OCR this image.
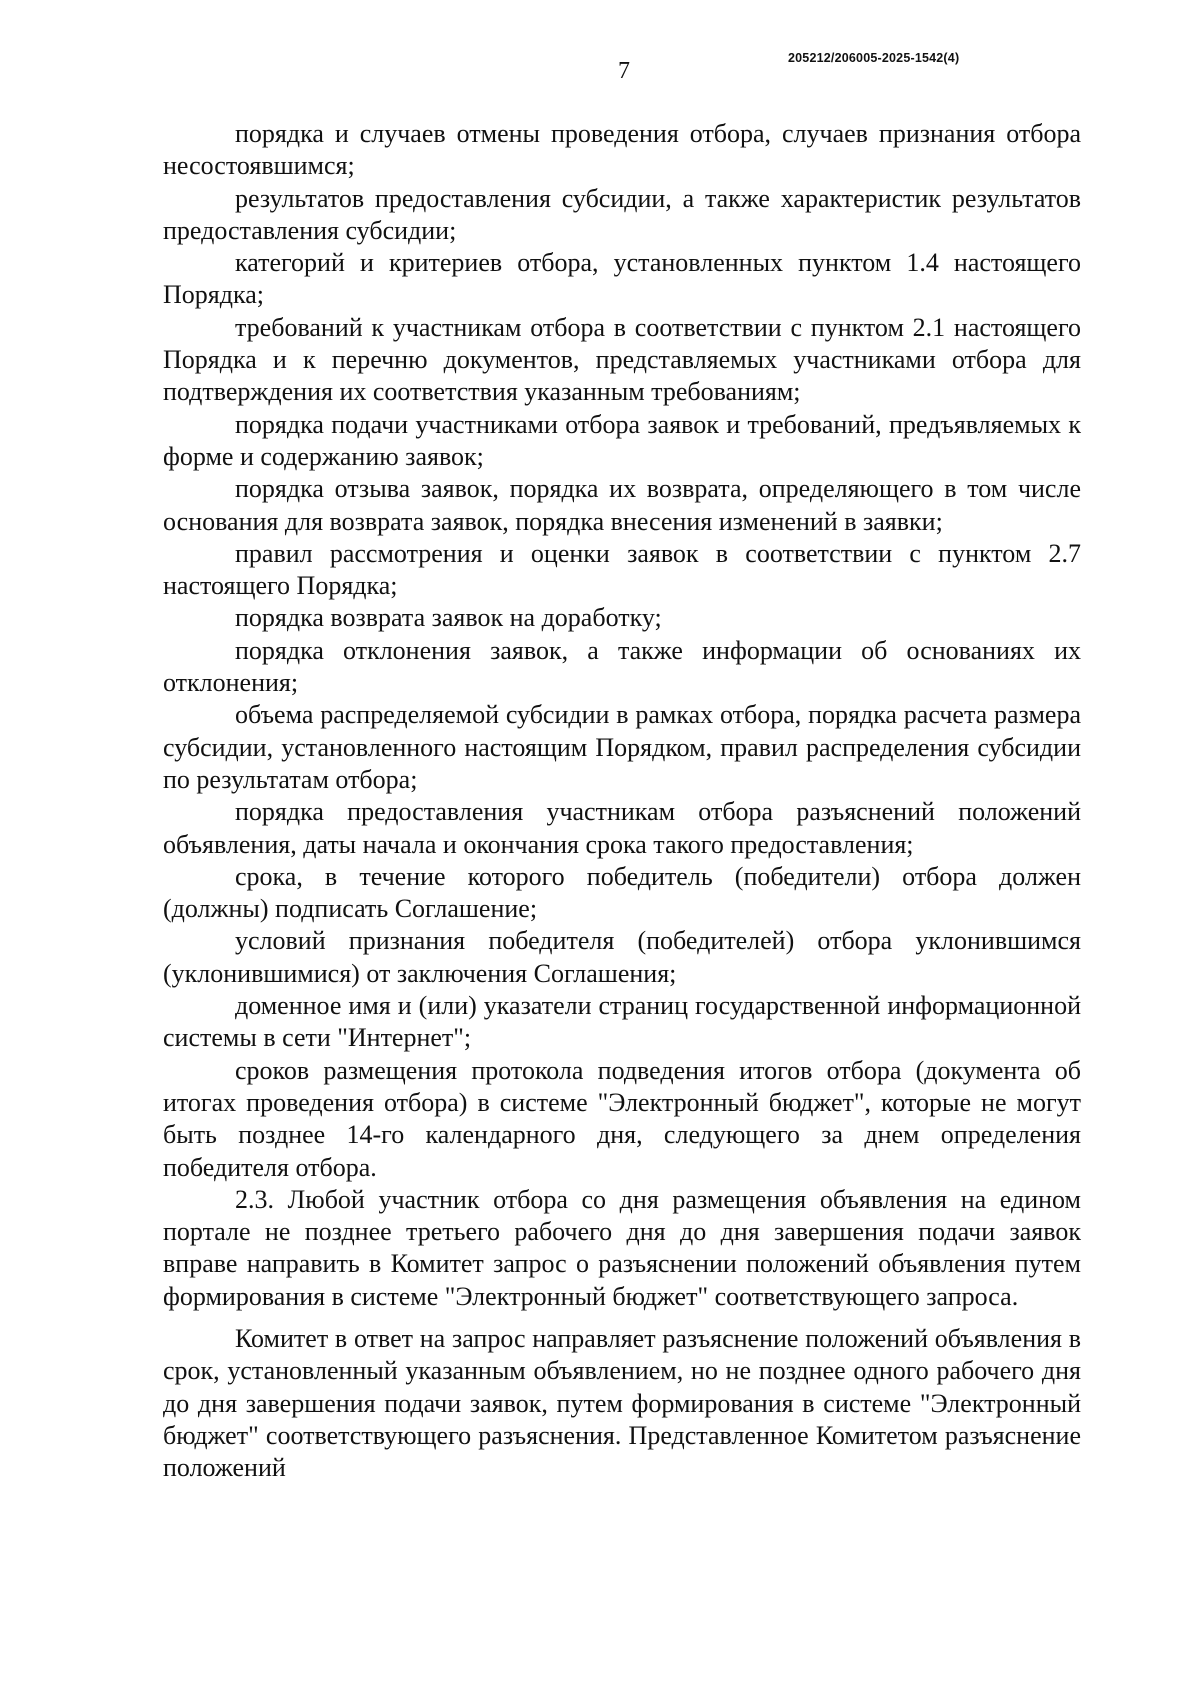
7	205212/206005-2025-1542(4)

порядка и случаев отмены проведения отбора, случаев признания отбора несостоявшимся;

результатов предоставления субсидии, а также характеристик результатов предоставления субсидии;

категорий и критериев отбора, установленных пунктом 1.4 настоящего Порядка;

требований к участникам отбора в соответствии с пунктом 2.1 настоящего Порядка и к перечню документов, представляемых участниками отбора для подтверждения их соответствия указанным требованиям;

порядка подачи участниками отбора заявок и требований, предъявляемых к форме и содержанию заявок;

порядка отзыва заявок, порядка их возврата, определяющего в том числе основания для возврата заявок, порядка внесения изменений в заявки;

правил рассмотрения и оценки заявок в соответствии с пунктом 2.7 настоящего Порядка;

порядка возврата заявок на доработку;

порядка отклонения заявок, а также информации об основаниях их отклонения;

объема распределяемой субсидии в рамках отбора, порядка расчета размера субсидии, установленного настоящим Порядком, правил распределения субсидии по результатам отбора;

порядка предоставления участникам отбора разъяснений положений объявления, даты начала и окончания срока такого предоставления;

срока, в течение которого победитель (победители) отбора должен (должны) подписать Соглашение;

условий признания победителя (победителей) отбора уклонившимся (уклонившимися) от заключения Соглашения;

доменное имя и (или) указатели страниц государственной информационной системы в сети "Интернет";

сроков размещения протокола подведения итогов отбора (документа об итогах проведения отбора) в системе "Электронный бюджет", которые не могут быть позднее 14-го календарного дня, следующего за днем определения победителя отбора.

2.3. Любой участник отбора со дня размещения объявления на едином портале не позднее третьего рабочего дня до дня завершения подачи заявок вправе направить в Комитет запрос о разъяснении положений объявления путем формирования в системе "Электронный бюджет" соответствующего запроса.

Комитет в ответ на запрос направляет разъяснение положений объявления в срок, установленный указанным объявлением, но не позднее одного рабочего дня до дня завершения подачи заявок, путем формирования в системе "Электронный бюджет" соответствующего разъяснения. Представленное Комитетом разъяснение положений
